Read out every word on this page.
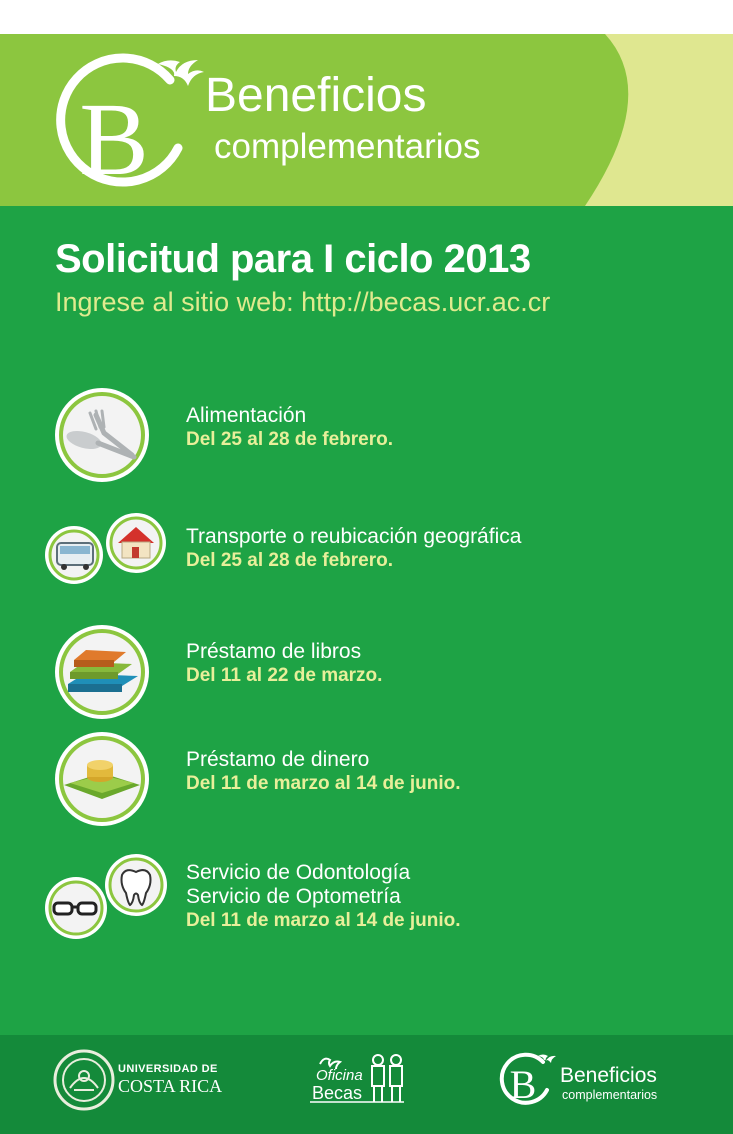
B Beneficios
complementarios
Solicitud para I ciclo 2013
Ingrese al sitio web: http://becas.ucr.ac.cr
Alimentación
Del 25 al 28 de febrero.
Transporte o reubicación geográfica
Del 25 al 28 de febrero.
Préstamo de libros
Del 11 al 22 de marzo.
Préstamo de dinero
Del 11 de marzo al 14 de junio.
Servicio de Odontología
Servicio de Optometría
Del 11 de marzo al 14 de junio.
UNIVERSIDAD DE
COSTA RICA
Oficina
Becas	B Beneficios
complementarios
